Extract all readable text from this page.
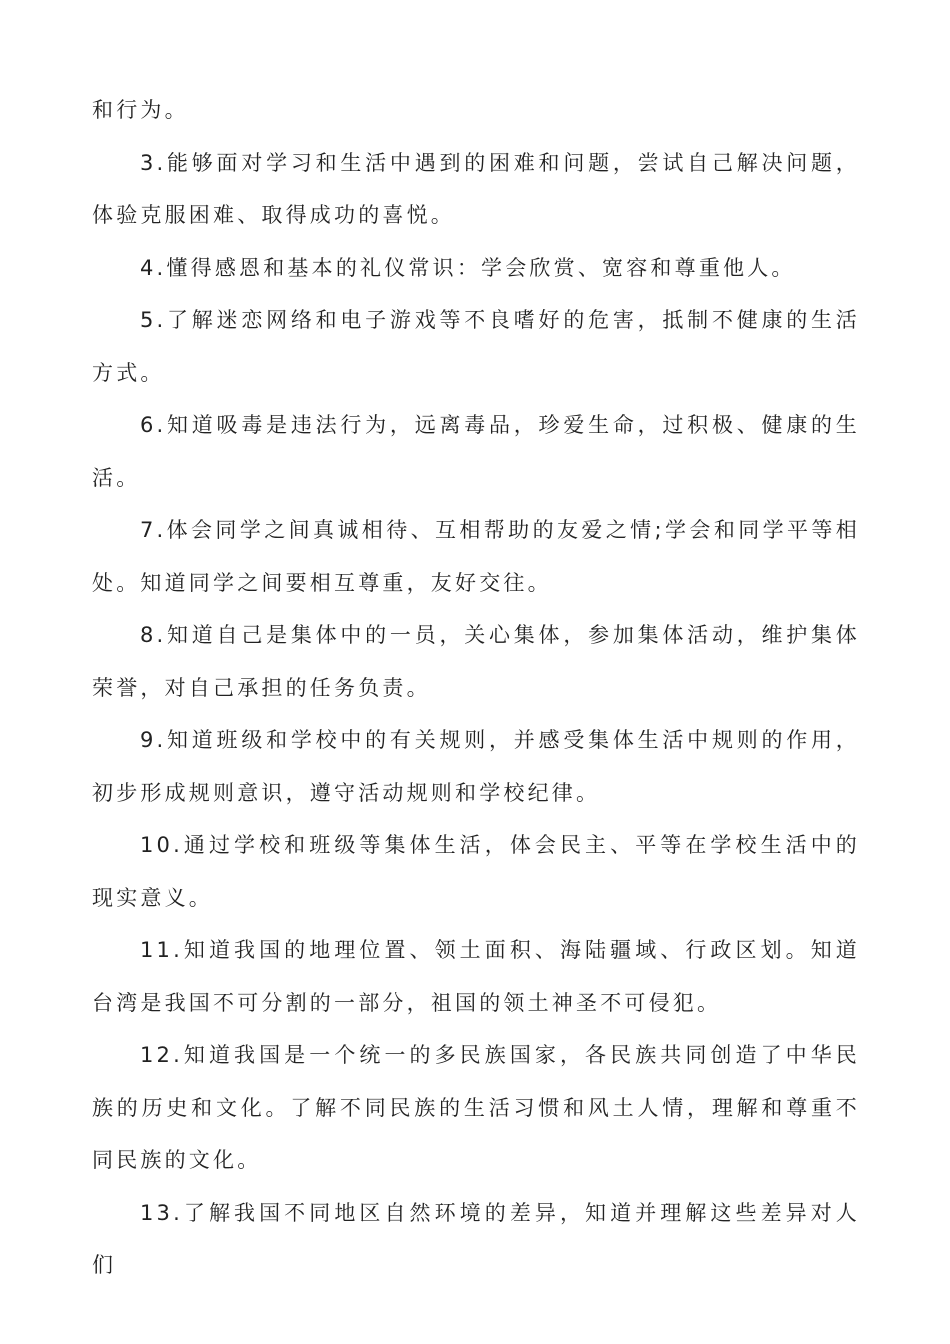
和行为。

3.能够面对学习和生活中遇到的困难和问题，尝试自己解决问题，体验克服困难、取得成功的喜悦。

4.懂得感恩和基本的礼仪常识：学会欣赏、宽容和尊重他人。

5.了解迷恋网络和电子游戏等不良嗜好的危害，抵制不健康的生活方式。

6.知道吸毒是违法行为，远离毒品，珍爱生命，过积极、健康的生活。

7.体会同学之间真诚相待、互相帮助的友爱之情;学会和同学平等相处。知道同学之间要相互尊重，友好交往。

8.知道自己是集体中的一员，关心集体，参加集体活动，维护集体荣誉，对自己承担的任务负责。

9.知道班级和学校中的有关规则，并感受集体生活中规则的作用，初步形成规则意识，遵守活动规则和学校纪律。

10.通过学校和班级等集体生活，体会民主、平等在学校生活中的现实意义。

11.知道我国的地理位置、领土面积、海陆疆域、行政区划。知道台湾是我国不可分割的一部分，祖国的领土神圣不可侵犯。

12.知道我国是一个统一的多民族国家，各民族共同创造了中华民族的历史和文化。了解不同民族的生活习惯和风土人情，理解和尊重不同民族的文化。

13.了解我国不同地区自然环境的差异，知道并理解这些差异对人们
